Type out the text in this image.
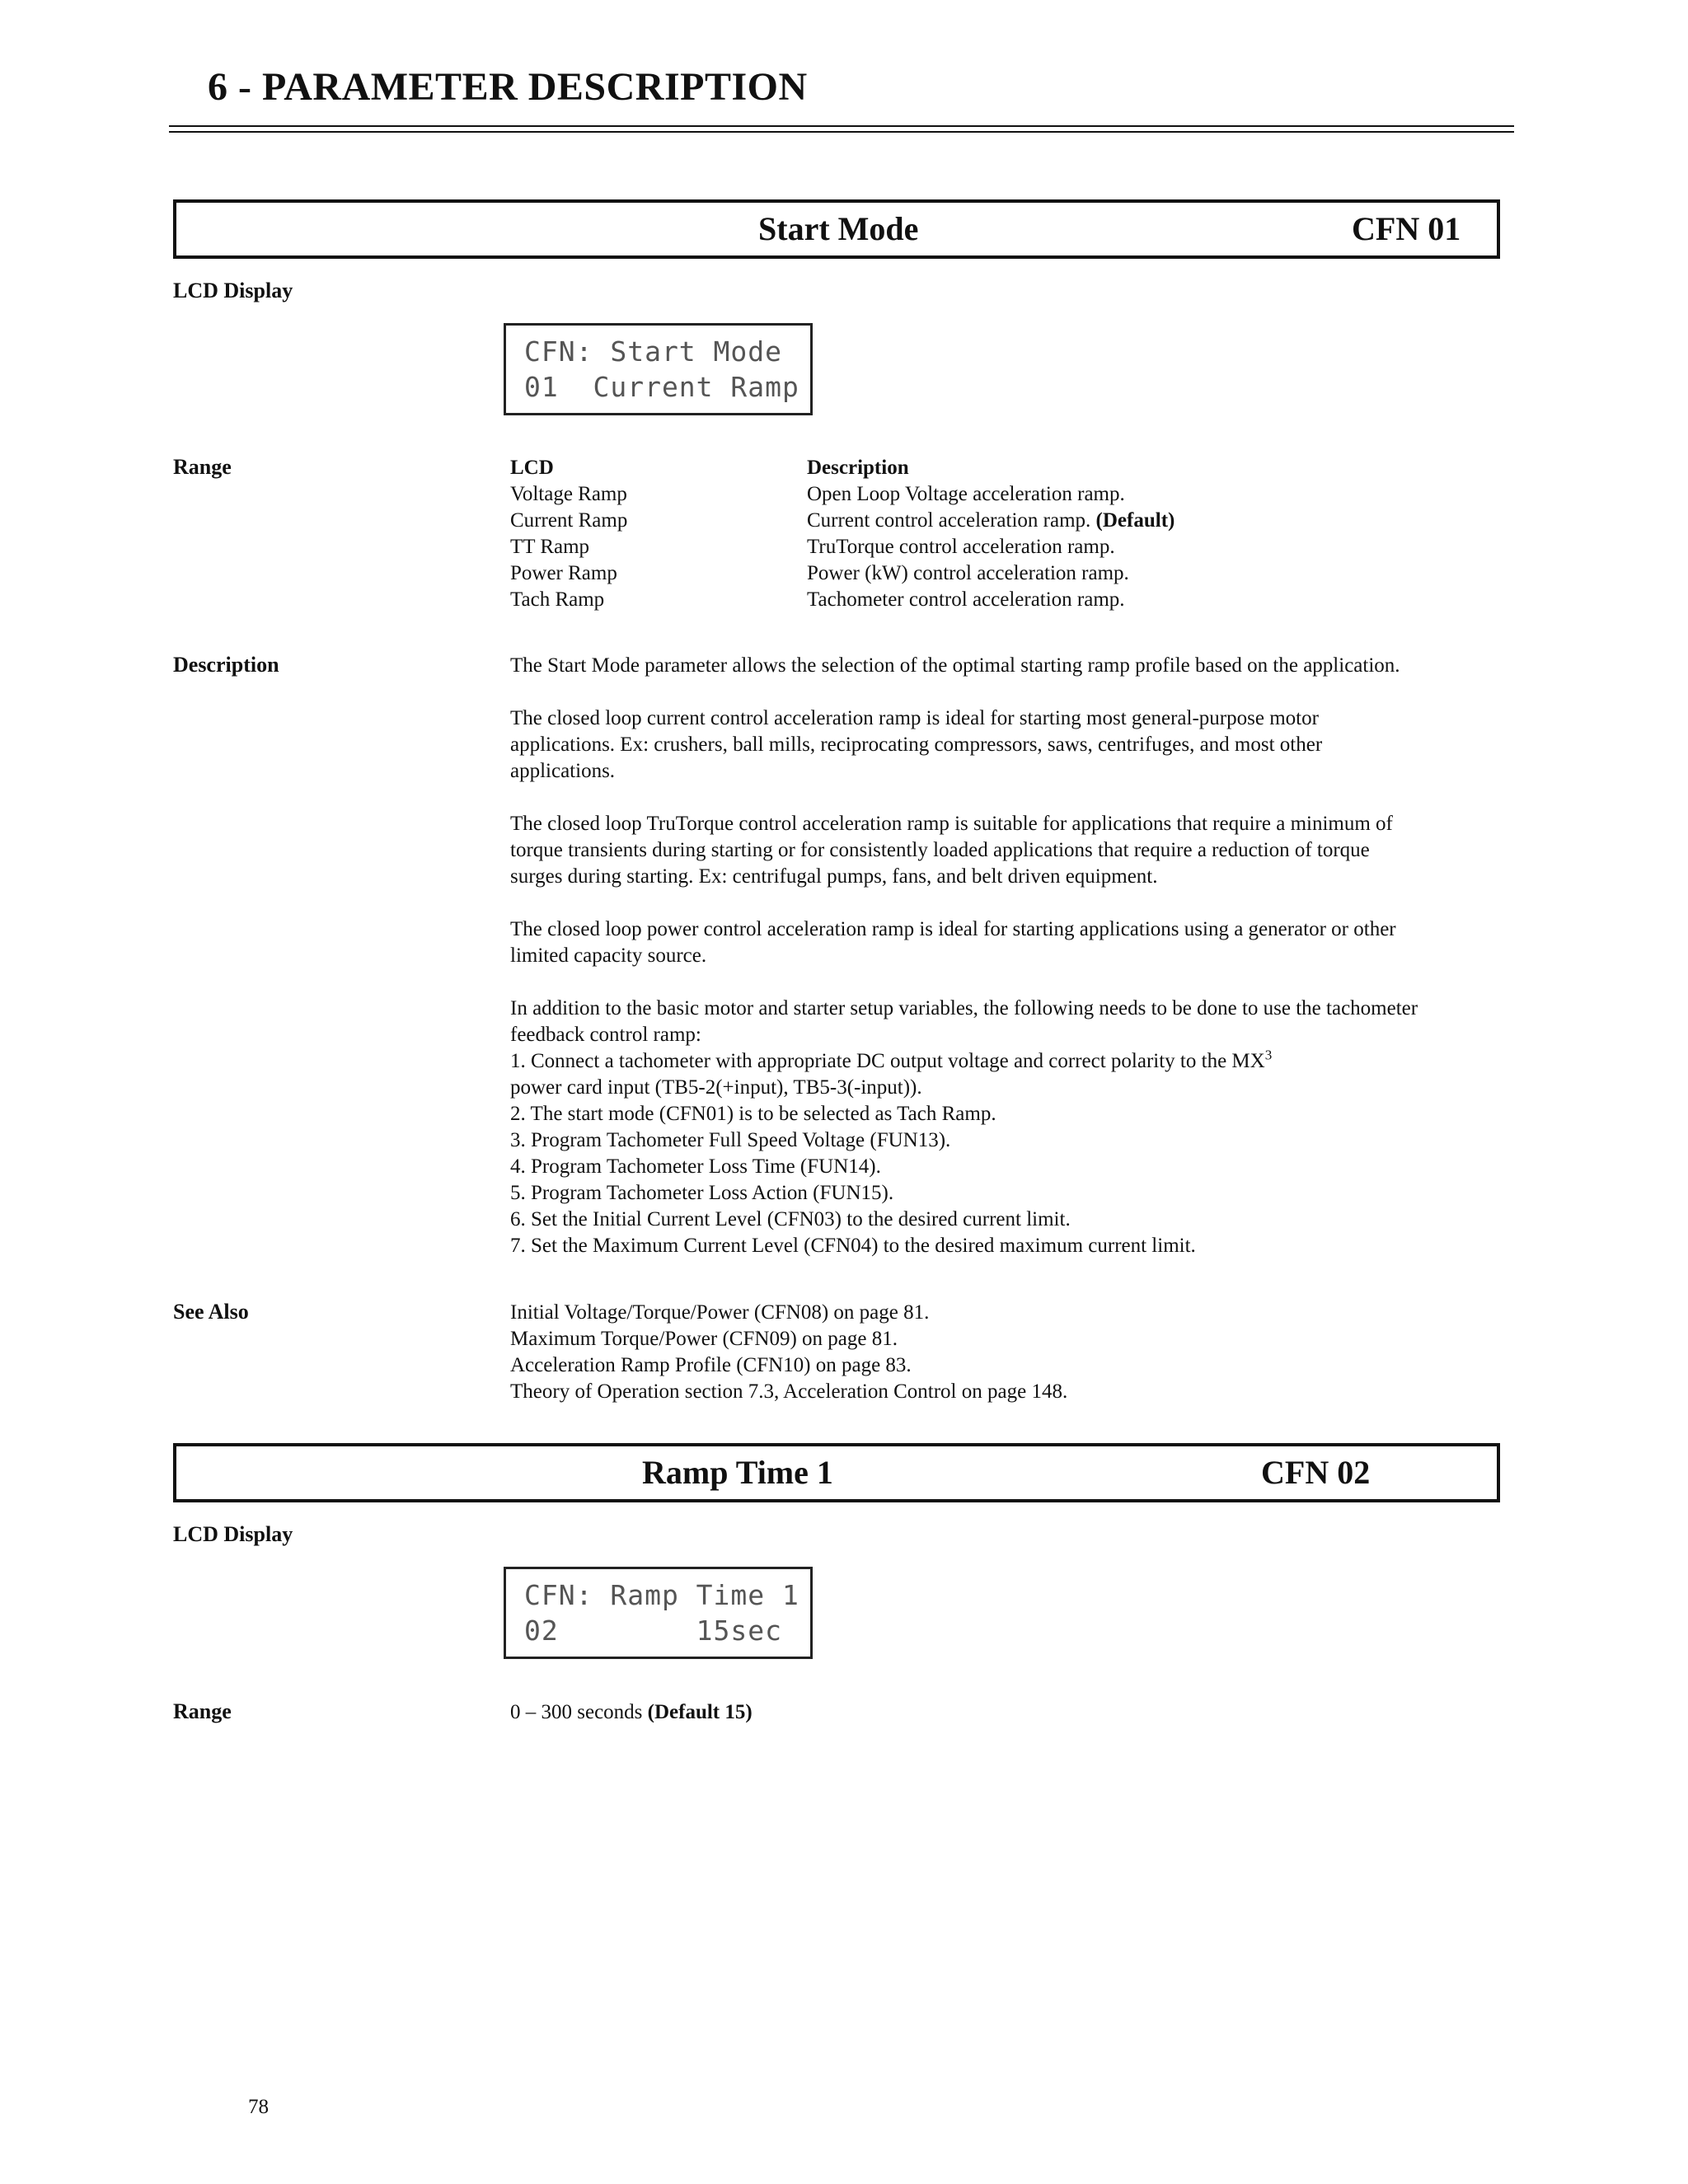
6 - PARAMETER DESCRIPTION
Start Mode	CFN 01
LCD Display
CFN: Start Mode
01  Current Ramp
Range	LCD	Description
Voltage Ramp	Open Loop Voltage acceleration ramp.
Current Ramp	Current control acceleration ramp. (Default)
TT Ramp	TruTorque control acceleration ramp.
Power Ramp	Power (kW) control acceleration ramp.
Tach Ramp	Tachometer control acceleration ramp.
Description	The Start Mode parameter allows the selection of the optimal starting ramp profile based on the application.

The closed loop current control acceleration ramp is ideal for starting most general-purpose motor
applications. Ex: crushers, ball mills, reciprocating compressors, saws, centrifuges, and most other
applications.

The closed loop TruTorque control acceleration ramp is suitable for applications that require a minimum of
torque transients during starting or for consistently loaded applications that require a reduction of torque
surges during starting. Ex: centrifugal pumps, fans, and belt driven equipment.

The closed loop power control acceleration ramp is ideal for starting applications using a generator or other
limited capacity source.

In addition to the basic motor and starter setup variables, the following needs to be done to use the tachometer
feedback control ramp:
1. Connect a tachometer with appropriate DC output voltage and correct polarity to the $MX^3$
power card input (TB5-2(+input), TB5-3(-input)).
2. The start mode (CFN01) is to be selected as Tach Ramp.
3. Program Tachometer Full Speed Voltage (FUN13).
4. Program Tachometer Loss Time (FUN14).
5. Program Tachometer Loss Action (FUN15).
6. Set the Initial Current Level (CFN03) to the desired current limit.
7. Set the Maximum Current Level (CFN04) to the desired maximum current limit.

See Also	Initial Voltage/Torque/Power (CFN08) on page 81.
Maximum Torque/Power (CFN09) on page 81.
Acceleration Ramp Profile (CFN10) on page 83.
Theory of Operation section 7.3, Acceleration Control on page 148.
Ramp Time 1	CFN 02
LCD Display
CFN: Ramp Time 1
02        15sec
Range	0 – 300 seconds (Default 15)
78
